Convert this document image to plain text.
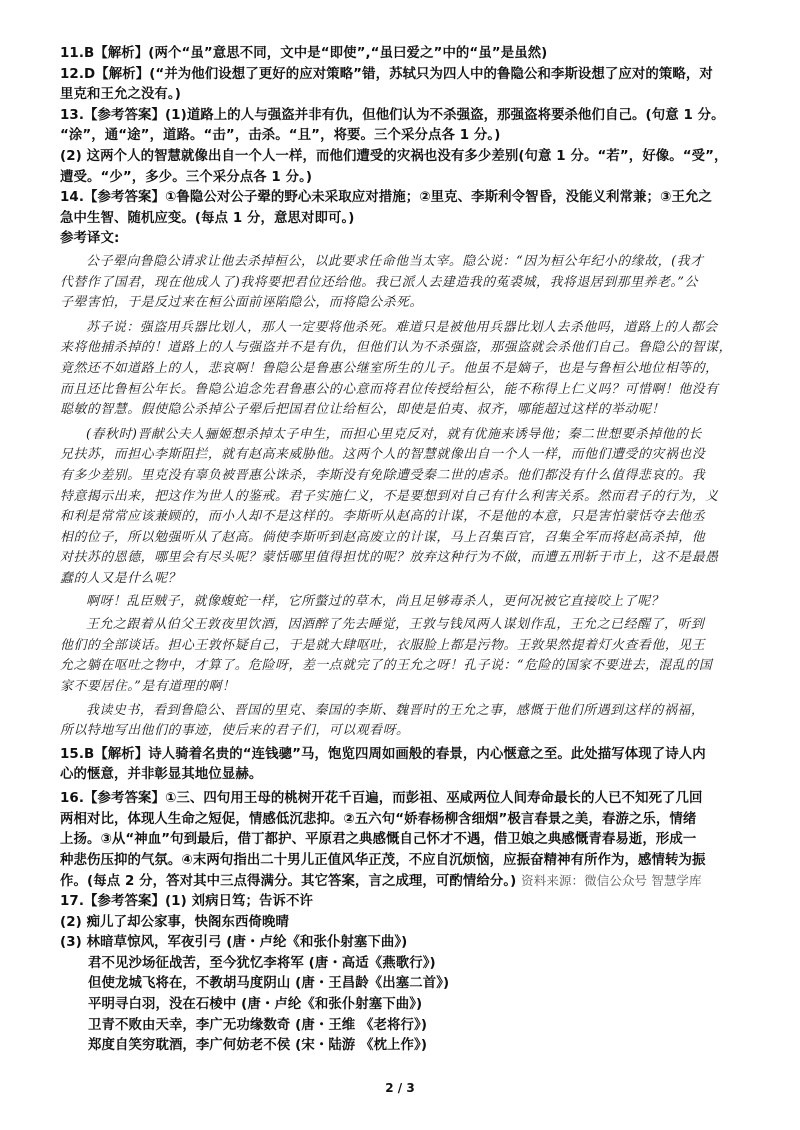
11.B【解析】(两个“虽”意思不同，文中是“即使”,“虽曰爱之”中的“虽”是虽然)
12.D【解析】(“并为他们设想了更好的应对策略”错，苏轼只为四人中的鲁隐公和李斯设想了应对的策略，对
里克和王允之没有。)
13.【参考答案】(1)道路上的人与强盗并非有仇，但他们认为不杀强盗，那强盗将要杀他们自己。(句意 1 分。
“涂”，通“途”，道路。“击”，击杀。“且”，将要。三个采分点各 1 分。)
(2) 这两个人的智慧就像出自一个人一样，而他们遭受的灾祸也没有多少差别(句意 1 分。“若”，好像。“受”，
遭受。“少”，多少。三个采分点各 1 分。)
14.【参考答案】①鲁隐公对公子翚的野心未采取应对措施；②里克、李斯利令智昏，没能义利常兼；③王允之
急中生智、随机应变。(每点 1 分，意思对即可。)
参考译文:
公子翚向鲁隐公请求让他去杀掉桓公，以此要求任命他当太宰。隐公说：“因为桓公年纪小的缘故，(我才
代替作了国君，现在他成人了)我将要把君位还给他。我已派人去建造我的菟裘城，我将退居到那里养老。”公
子翚害怕，于是反过来在桓公面前诬陷隐公，而将隐公杀死。
苏子说：强盗用兵器比划人，那人一定要将他杀死。难道只是被他用兵器比划人去杀他吗，道路上的人都会
来将他捕杀掉的！道路上的人与强盗并不是有仇，但他们认为不杀强盗，那强盗就会杀他们自己。鲁隐公的智谋，
竟然还不如道路上的人，悲哀啊！鲁隐公是鲁惠公继室所生的儿子。他虽不是嫡子，也是与鲁桓公地位相等的，
而且还比鲁桓公年长。鲁隐公追念先君鲁惠公的心意而将君位传授给桓公，能不称得上仁义吗？可惜啊！他没有
聪敏的智慧。假使隐公杀掉公子翚后把国君位让给桓公，即使是伯夷、叔齐，哪能超过这样的举动呢！
(春秋时)晋献公夫人骊姬想杀掉太子申生，而担心里克反对，就有优施来诱导他；秦二世想要杀掉他的长
兄扶苏，而担心李斯阻拦，就有赵高来威胁他。这两个人的智慧就像出自一个人一样，而他们遭受的灾祸也没
有多少差别。里克没有辜负被晋惠公诛杀，李斯没有免除遭受秦二世的虐杀。他们都没有什么值得悲哀的。我
特意揭示出来，把这作为世人的鉴戒。君子实施仁义，不是要想到对自己有什么利害关系。然而君子的行为，义
和利是常常应该兼顾的，而小人却不是这样的。李斯听从赵高的计谋，不是他的本意，只是害怕蒙恬夺去他丞
相的位子，所以勉强听从了赵高。倘使李斯听到赵高废立的计谋，马上召集百官，召集全军而将赵高杀掉，他
对扶苏的恩德，哪里会有尽头呢？蒙恬哪里值得担忧的呢？放弃这种行为不做，而遭五刑斩于市上，这不是最愚
蠢的人又是什么呢？
啊呀！乱臣贼子，就像蝮蛇一样，它所螫过的草木，尚且足够毒杀人，更何况被它直接咬上了呢？
王允之跟着从伯父王敦夜里饮酒，因酒醉了先去睡觉，王敦与钱凤两人谋划作乱，王允之已经醒了，听到
他们的全部谈话。担心王敦怀疑自己，于是就大肆呕吐，衣服脸上都是污物。王敦果然提着灯火查看他，见王
允之躺在呕吐之物中，才算了。危险呀，差一点就完了的王允之呀！孔子说：“危险的国家不要进去，混乱的国
家不要居住。”是有道理的啊！
我读史书，看到鲁隐公、晋国的里克、秦国的李斯、魏晋时的王允之事，感慨于他们所遇到这样的祸福，
所以特地写出他们的事迹，使后来的君子们，可以观看呀。
15.B【解析】诗人骑着名贵的“连钱骢”马，饱览四周如画般的春景，内心惬意之至。此处描写体现了诗人内
心的惬意，并非彰显其地位显赫。
16.【参考答案】①三、四句用王母的桃树开花千百遍，而彭祖、巫咸两位人间寿命最长的人已不知死了几回
两相对比，体现人生命之短促，情感低沉悲抑。②五六句“娇春杨柳含细烟”极言春景之美，春游之乐，情绪
上扬。③从“神血”句到最后，借丁都护、平原君之典感慨自己怀才不遇，借卫娘之典感慨青春易逝，形成一
种悲伤压抑的气氛。④末两句指出二十男儿正值风华正茂，不应自沉烦恼，应振奋精神有所作为，感情转为振
作。(每点 2 分，答对其中三点得满分。其它答案，言之成理，可酌情给分。) 资料来源：微信公众号 智慧学库
17.【参考答案】(1) 刘病日笃；告诉不许
(2) 痴儿了却公家事，快阁东西倚晚晴
(3) 林暗草惊风，军夜引弓 (唐・卢纶《和张仆射塞下曲》)
君不见沙场征战苦，至今犹忆李将军 (唐・高适《燕歌行》)
但使龙城飞将在，不教胡马度阴山 (唐・王昌龄《出塞二首》)
平明寻白羽，没在石棱中 (唐・卢纶《和张仆射塞下曲》)
卫青不败由天幸，李广无功缘数奇 (唐・王维 《老将行》)
郑度自笑穷耽酒，李广何妨老不侯 (宋・陆游 《枕上作》)
2 / 3
